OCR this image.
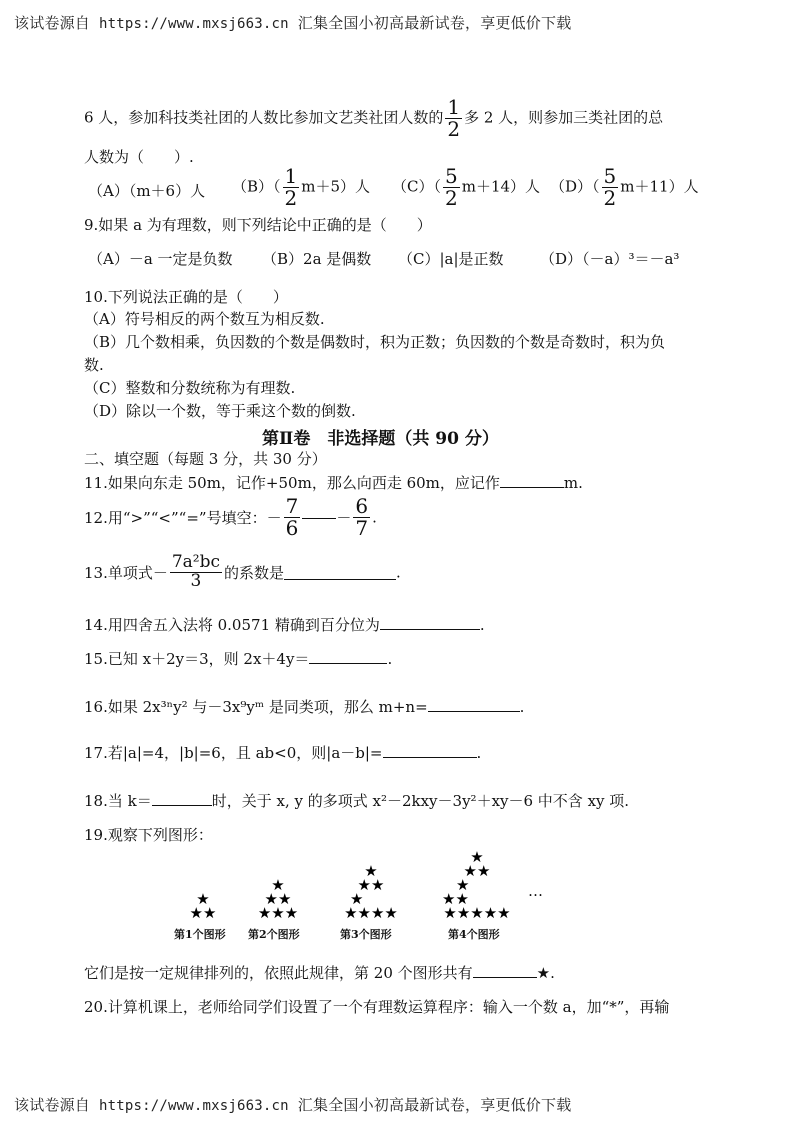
该试卷源自 https://www.mxsj663.cn 汇集全国小初高最新试卷，享更低价下载
6 人，参加科技类社团的人数比参加文艺类社团人数的 $\frac{1}{2}$ 多 2 人，则参加三类社团的总
人数为（　　）.
（A）（m＋6）人 $(B)( \frac{1}{2} m+5)$人 $(C)( \frac{5}{2} m+14)$人 $(D)( \frac{5}{2} m+11)$人
9.如果 a 为有理数，则下列结论中正确的是（　　）
（A）－a 一定是负数 （B）2a 是偶数 （C）|a|是正数 （D）（－a）³＝－a³
10.下列说法正确的是（　　）
（A）符号相反的两个数互为相反数.
（B）几个数相乘，负因数的个数是偶数时，积为正数；负因数的个数是奇数时，积为负
数.
（C）整数和分数统称为有理数.
（D）除以一个数，等于乘这个数的倒数.
第Ⅱ卷　非选择题（共 90 分）
二、填空题（每题 3 分，共 30 分）
11.如果向东走 50m，记作+50m，那么向西走 60m，应记作	m.
12.用“>”“<”“=”号填空：－ $\frac{7}{6} - \frac{6}{7}$ .
13.单项式－ $\frac{\text{7a²bc}}{3}$ 的系数是	.
14.用四舍五入法将 0.0571 精确到百分位为	.
15.已知 x＋2y＝3，则 2x＋4y＝	.
16.如果 2x³ⁿy² 与－3x⁹yᵐ 是同类项，那么 m+n=	.
17.若|a|=4，|b|=6，且 ab<0，则|a－b|=	.
18.当 k＝	时，关于 x, y 的多项式 x²－2kxy－3y²＋xy－6 中不含 xy 项.
19.观察下列图形：
★
★★
第1个图形
★
★★
★★★
第2个图形
★
★★
★
★★★★
第3个图形
★
★★
★
★★
★★★★★
第4个图形
…
它们是按一定规律排列的，依照此规律，第 20 个图形共有	★.
20.计算机课上，老师给同学们设置了一个有理数运算程序：输入一个数 a，加“*”，再输
该试卷源自 https://www.mxsj663.cn 汇集全国小初高最新试卷，享更低价下载
